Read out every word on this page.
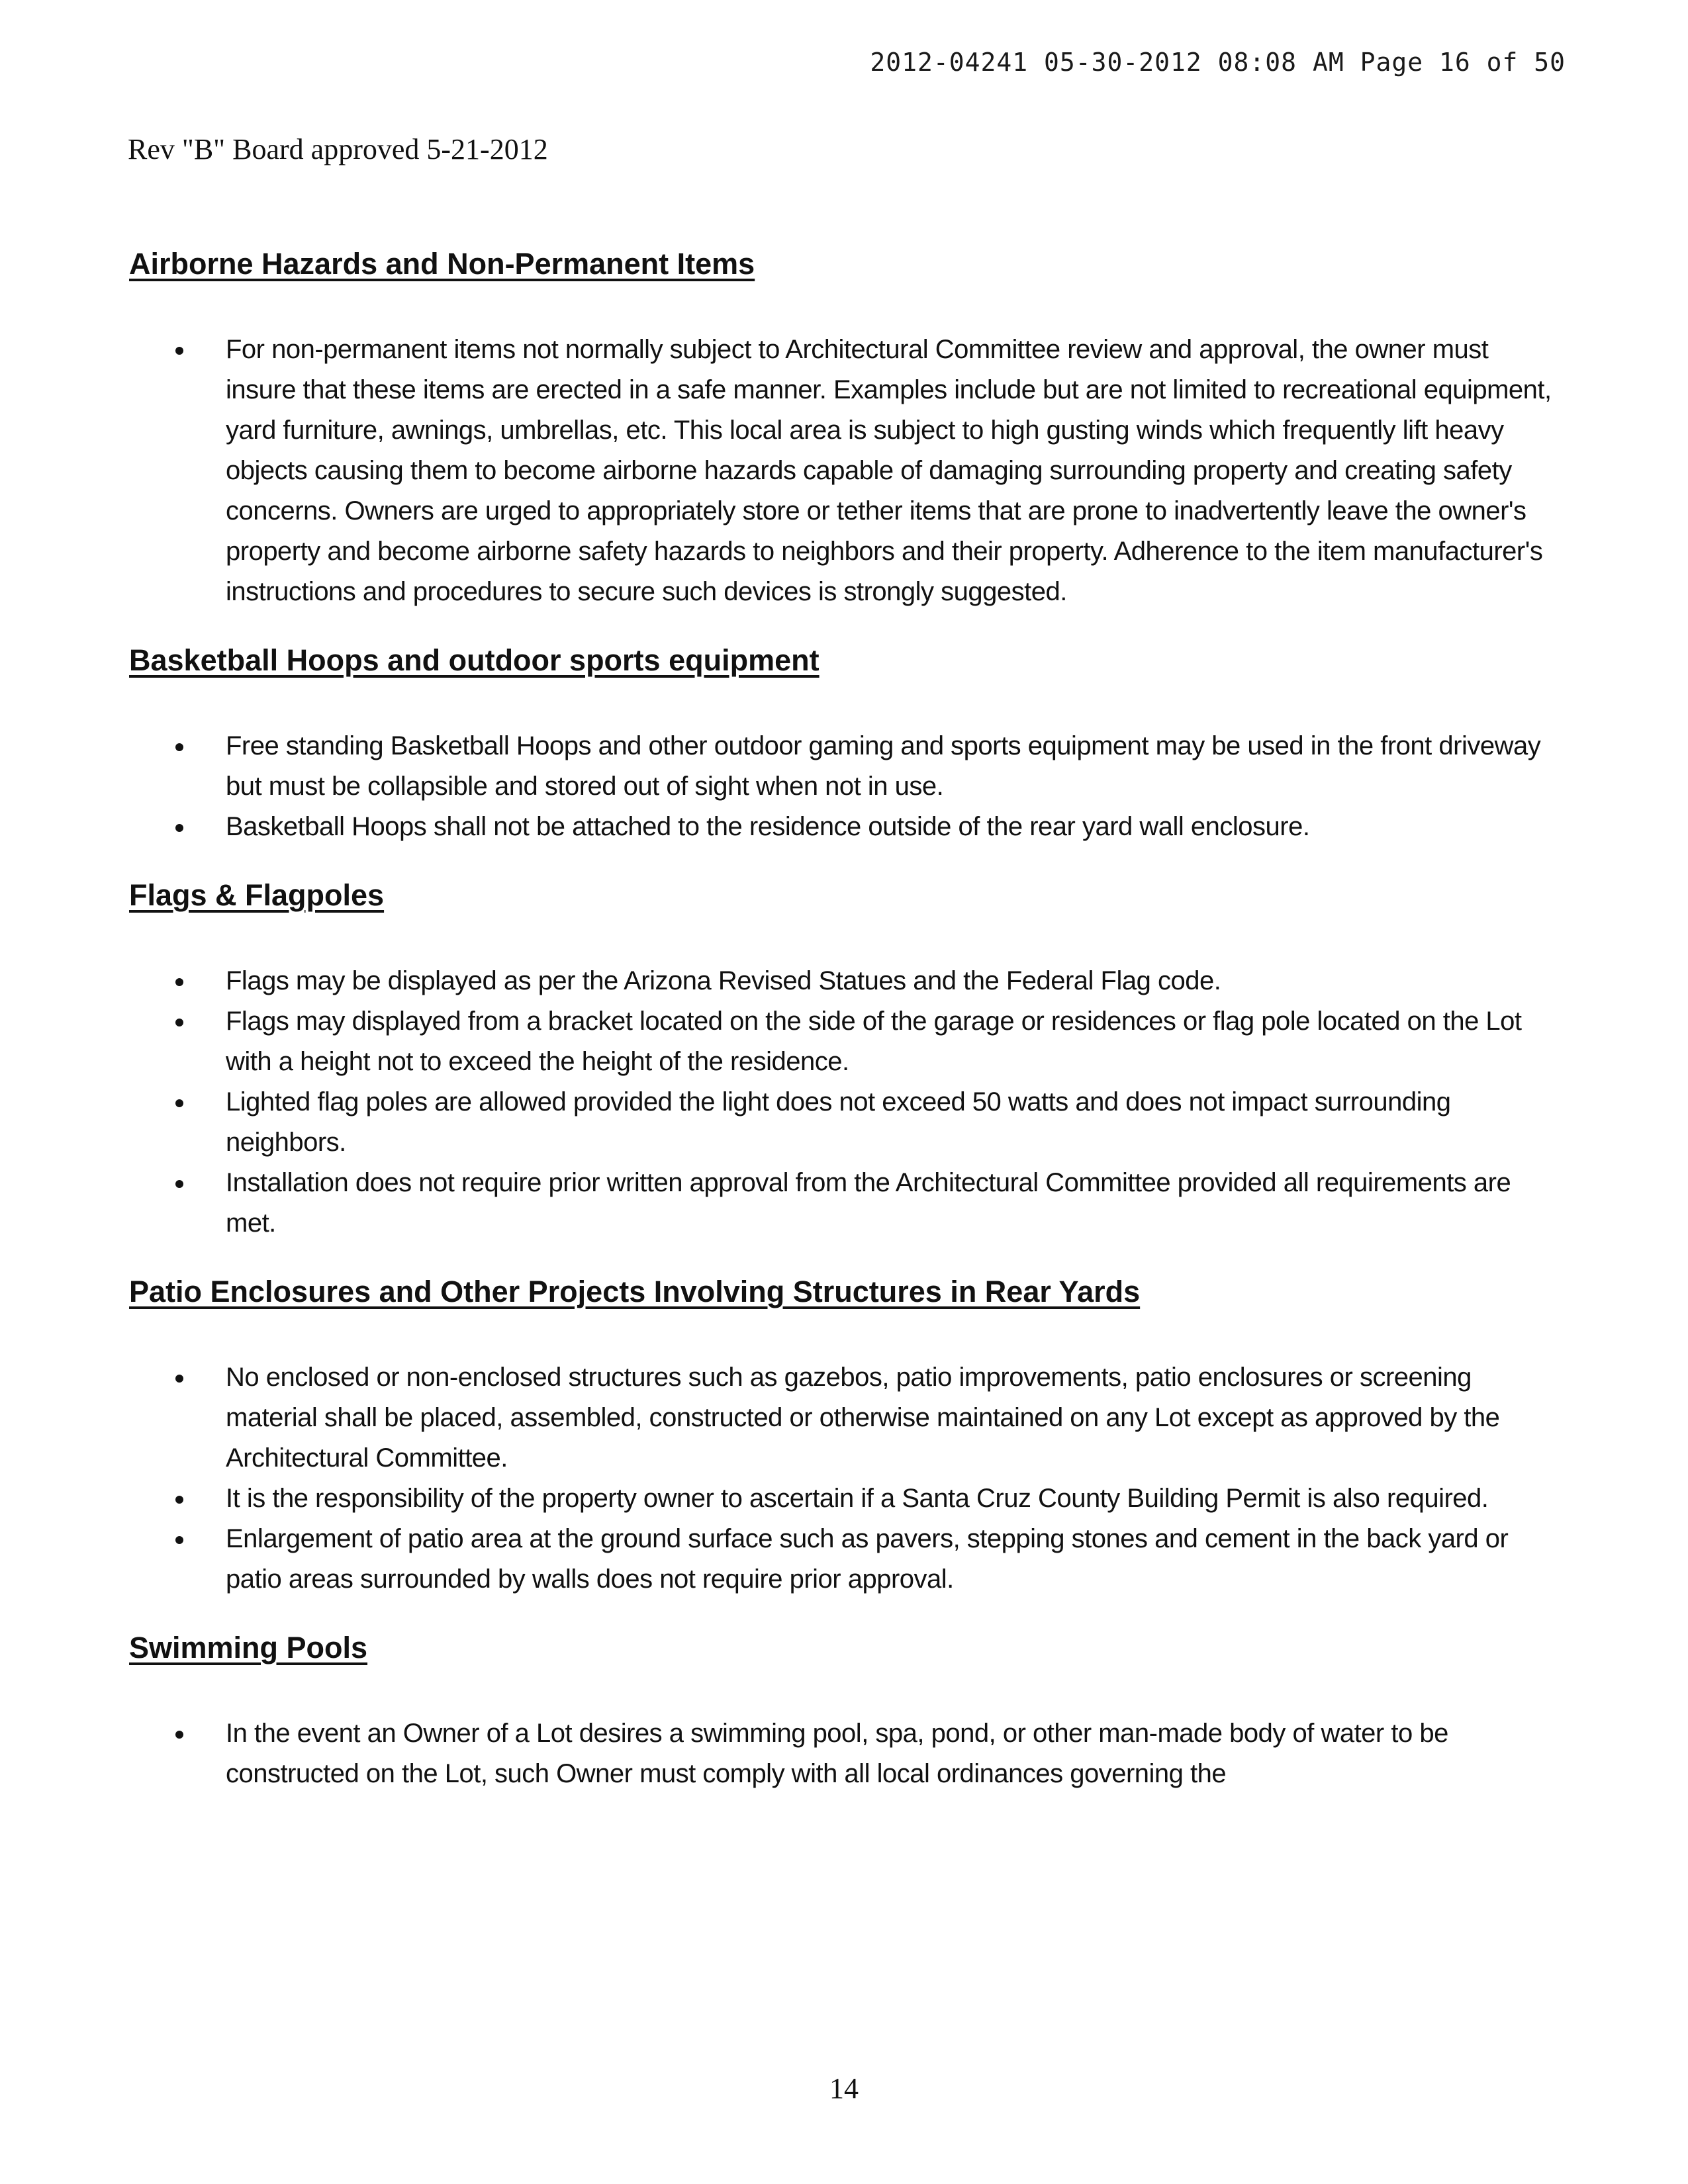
2012-04241 05-30-2012 08:08 AM Page 16 of 50
Rev "B" Board approved 5-21-2012
Airborne Hazards and Non-Permanent Items
For non-permanent items not normally subject to Architectural Committee review and approval, the owner must insure that these items are erected in a safe manner. Examples include but are not limited to recreational equipment, yard furniture, awnings, umbrellas, etc. This local area is subject to high gusting winds which frequently lift heavy objects causing them to become airborne hazards capable of damaging surrounding property and creating safety concerns. Owners are urged to appropriately store or tether items that are prone to inadvertently leave the owner's property and become airborne safety hazards to neighbors and their property. Adherence to the item manufacturer's instructions and procedures to secure such devices is strongly suggested.
Basketball Hoops and outdoor sports equipment
Free standing Basketball Hoops and other outdoor gaming and sports equipment may be used in the front driveway but must be collapsible and stored out of sight when not in use.
Basketball Hoops shall not be attached to the residence outside of the rear yard wall enclosure.
Flags & Flagpoles
Flags may be displayed as per the Arizona Revised Statues and the Federal Flag code.
Flags may displayed from a bracket located on the side of the garage or residences or flag pole located on the Lot with a height not to exceed the height of the residence.
Lighted flag poles are allowed provided the light does not exceed 50 watts and does not impact surrounding neighbors.
Installation does not require prior written approval from the Architectural Committee provided all requirements are met.
Patio Enclosures and Other Projects Involving Structures in Rear Yards
No enclosed or non-enclosed structures such as gazebos, patio improvements, patio enclosures or screening material shall be placed, assembled, constructed or otherwise maintained on any Lot except as approved by the Architectural Committee.
It is the responsibility of the property owner to ascertain if a Santa Cruz County Building Permit is also required.
Enlargement of patio area at the ground surface such as pavers, stepping stones and cement in the back yard or patio areas surrounded by walls does not require prior approval.
Swimming Pools
In the event an Owner of a Lot desires a swimming pool, spa, pond, or other man-made body of water to be constructed on the Lot, such Owner must comply with all local ordinances governing the
14
